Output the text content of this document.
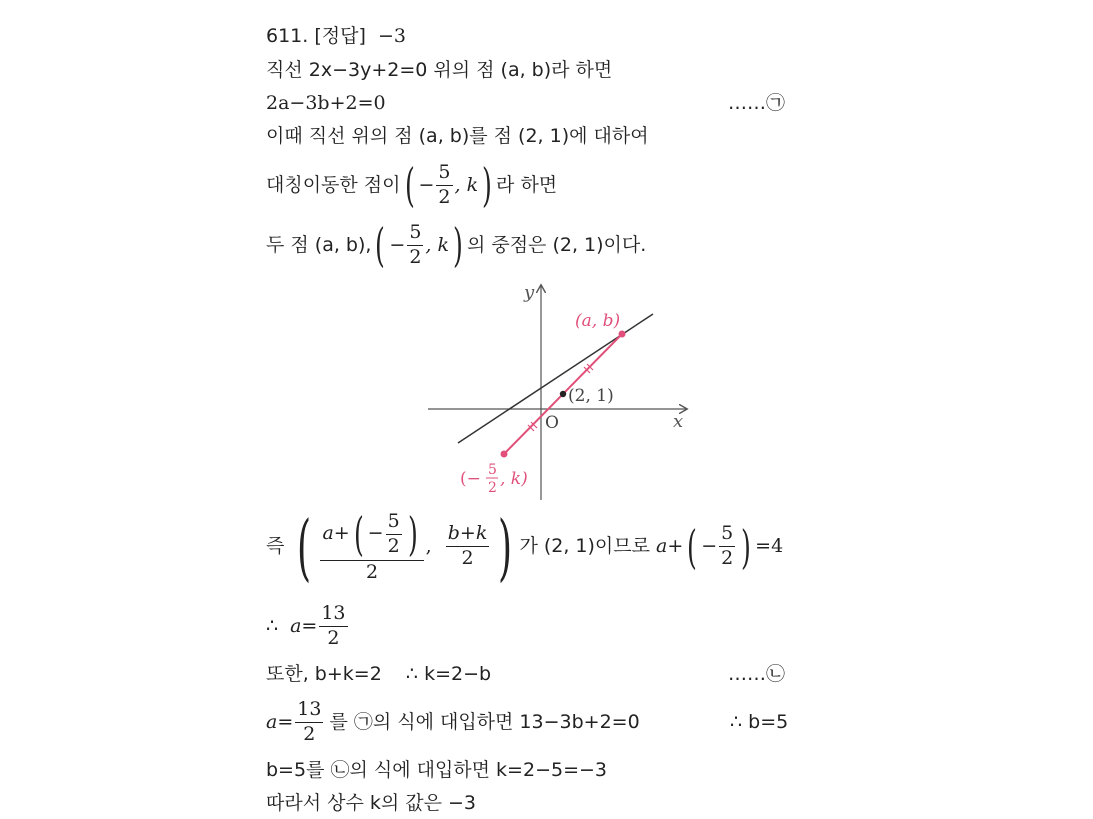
611. [정답] −3
직선 2x−3y+2=0 위의 점 (a, b)라 하면
2a−3b+2=0	……㉠
이때 직선 위의 점 (a, b)를 점 (2, 1)에 대하여
대칭이동한 점이 ( − $\frac{5}{2}$ , k ) 라 하면
두 점 (a, b), ( − $\frac{5}{2}$ , k ) 의 중점은 (2, 1)이다.
x
y
O
(2, 1)
(a, b)
(− 5
2 , k)
즉 ( a+ ( − $\frac{5}{2}$ )
2
, $\frac{b+k}{2}$ ) 가 (2, 1)이므로 a+ ( − $\frac{5}{2}$ ) =4
∴ $a= \frac{13}{2}$
또한, b+k=2    ∴ k=2−b	……㉡
$a= \frac{13}{2}$ 를 ㉠의 식에 대입하면 13−3b+2=0	∴ b=5
b=5를 ㉡의 식에 대입하면 k=2−5=−3
따라서 상수 k의 값은 −3
